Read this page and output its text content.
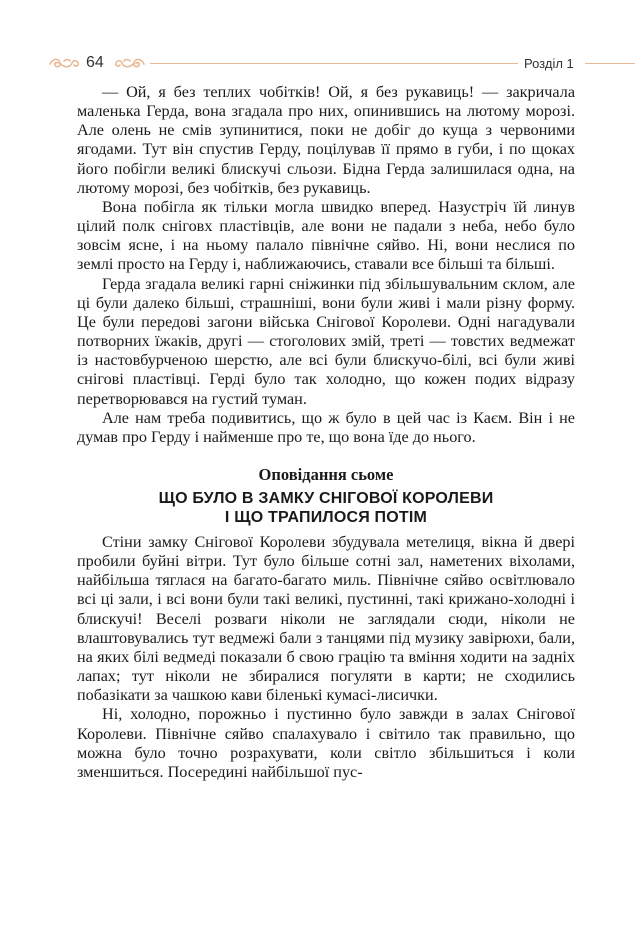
64	Розділ 1

— Ой, я без теплих чобітків! Ой, я без рукавиць! — закричала маленька Герда, вона згадала про них, опинившись на лютому морозі. Але олень не смів зупинитися, поки не добіг до куща з червоними ягодами. Тут він спустив Герду, поцілував її прямо в губи, і по щоках його побігли великі блискучі сльози. Бідна Герда залишилася одна, на лютому морозі, без чобітків, без рукавиць.

Вона побігла як тільки могла швидко вперед. Назустріч їй линув цілий полк сніговх пластівців, але вони не падали з неба, небо було зовсім ясне, і на ньому палало північне сяйво. Ні, вони неслися по землі просто на Герду і, наближаючись, ставали все більші та більші.

Герда згадала великі гарні сніжинки під збільшувальним склом, але ці були далеко більші, страшніші, вони були живі і мали різну форму. Це були передові загони війська Снігової Королеви. Одні нагадували потворних їжаків, другі — стоголових змій, треті — товстих ведмежат із настовбурченою шерстю, але всі були блискучо-білі, всі були живі снігові пластівці. Герді було так холодно, що кожен подих відразу перетворювався на густий туман.

Але нам треба подивитись, що ж було в цей час із Каєм. Він і не думав про Герду і найменше про те, що вона їде до нього.

Оповідання сьоме
ЩО БУЛО В ЗАМКУ СНІГОВОЇ КОРОЛЕВИ
І ЩО ТРАПИЛОСЯ ПОТІМ

Стіни замку Снігової Королеви збудувала метелиця, вікна й двері пробили буйні вітри. Тут було більше сотні зал, наметених віхолами, найбільша тяглася на багато-багато миль. Північне сяйво освітлювало всі ці зали, і всі вони були такі великі, пустинні, такі крижано-холодні і блискучі! Веселі розваги ніколи не заглядали сюди, ніколи не влаштовувались тут ведмежі бали з танцями під музику завірюхи, бали, на яких білі ведмеді показали б свою грацію та вміння ходити на задніх лапах; тут ніколи не збиралися погуляти в карти; не сходились побазікати за чашкою кави біленькі кумасі-лисички.

Ні, холодно, порожньо і пустинно було завжди в залах Снігової Королеви. Північне сяйво спалахувало і світило так правильно, що можна було точно розрахувати, коли світло збільшиться і коли зменшиться. Посередині найбільшої пус-
